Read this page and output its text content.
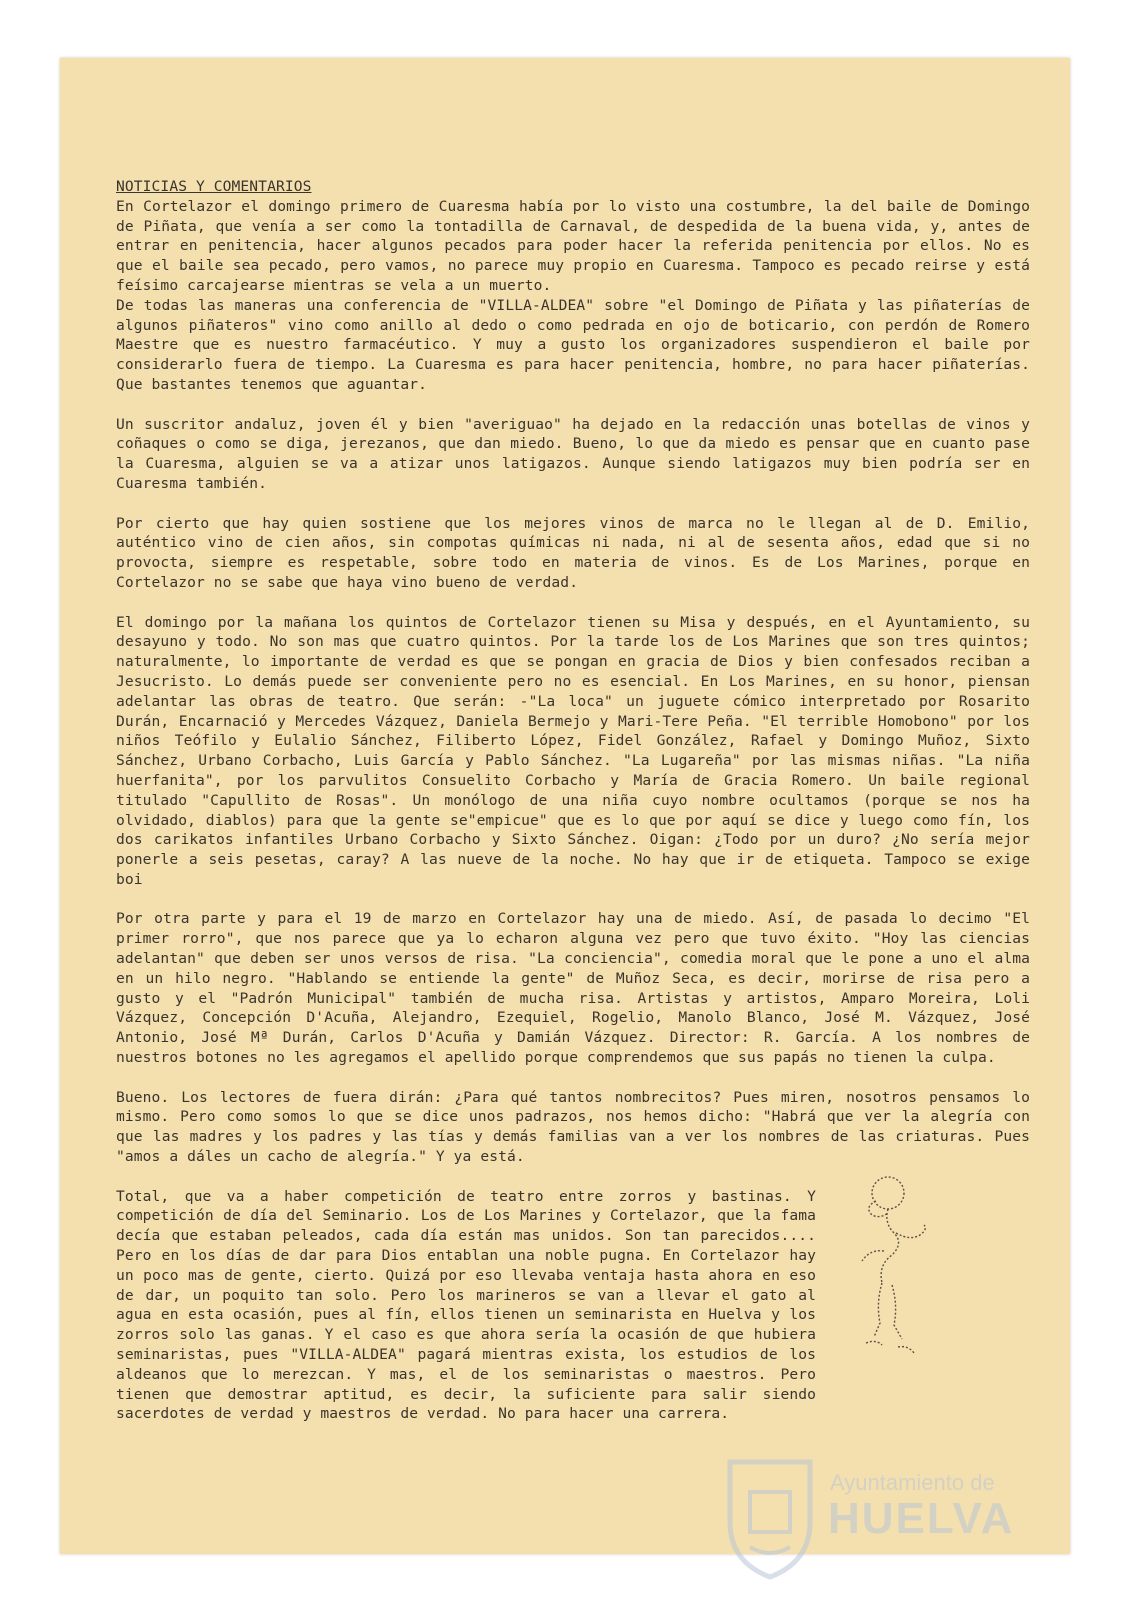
NOTICIAS Y COMENTARIOS

En Cortelazor el domingo primero de Cuaresma había por lo visto una costumbre, la del baile de Domingo de Piñata, que venía a ser como la tontadilla de Carnaval, de despedida de la buena vida, y, antes de entrar en penitencia, hacer algunos pecados para poder hacer la referida penitencia por ellos. No es que el baile sea pecado, pero vamos, no parece muy propio en Cuaresma. Tampoco es pecado reirse y está feísimo carcajearse mientras se vela a un muerto.
De todas las maneras una conferencia de "VILLA-ALDEA" sobre "el Domingo de Piñata y las piñaterías de algunos piñateros" vino como anillo al dedo o como pedrada en ojo de boticario, con perdón de Romero Maestre que es nuestro farmacéutico. Y muy a gusto los organizadores suspendieron el baile por considerarlo fuera de tiempo. La Cuaresma es para hacer penitencia, hombre, no para hacer piñaterías. Que bastantes tenemos que aguantar.

Un suscritor andaluz, joven él y bien "averiguao" ha dejado en la redacción unas botellas de vinos y coñaques o como se diga, jerezanos, que dan miedo. Bueno, lo que da miedo es pensar que en cuanto pase la Cuaresma, alguien se va a atizar unos latigazos. Aunque siendo latigazos muy bien podría ser en Cuaresma también.

Por cierto que hay quien sostiene que los mejores vinos de marca no le llegan al de D. Emilio, auténtico vino de cien años, sin compotas químicas ni nada, ni al de sesenta años, edad que si no provocta, siempre es respetable, sobre todo en materia de vinos. Es de Los Marines, porque en Cortelazor no se sabe que haya vino bueno de verdad.

El domingo por la mañana los quintos de Cortelazor tienen su Misa y después, en el Ayuntamiento, su desayuno y todo. No son mas que cuatro quintos. Por la tarde los de Los Marines que son tres quintos; naturalmente, lo importante de verdad es que se pongan en gracia de Dios y bien confesados reciban a Jesucristo. Lo demás puede ser conveniente pero no es esencial. En Los Marines, en su honor, piensan adelantar las obras de teatro. Que serán: -"La loca" un juguete cómico interpretado por Rosarito Durán, Encarnació y Mercedes Vázquez, Daniela Bermejo y Mari-Tere Peña. "El terrible Homobono" por los niños Teófilo y Eulalio Sánchez, Filiberto López, Fidel González, Rafael y Domingo Muñoz, Sixto Sánchez, Urbano Corbacho, Luis García y Pablo Sánchez. "La Lugareña" por las mismas niñas. "La niña huerfanita", por los parvulitos Consuelito Corbacho y María de Gracia Romero. Un baile regional titulado "Capullito de Rosas". Un monólogo de una niña cuyo nombre ocultamos (porque se nos ha olvidado, diablos) para que la gente se"empicue" que es lo que por aquí se dice y luego como fín, los dos carikatos infantiles Urbano Corbacho y Sixto Sánchez. Oigan: ¿Todo por un duro? ¿No sería mejor ponerle a seis pesetas, caray? A las nueve de la noche. No hay que ir de etiqueta. Tampoco se exige boi

Por otra parte y para el 19 de marzo en Cortelazor hay una de miedo. Así, de pasada lo decimo "El primer rorro", que nos parece que ya lo echaron alguna vez pero que tuvo éxito. "Hoy las ciencias adelantan" que deben ser unos versos de risa. "La conciencia", comedia moral que le pone a uno el alma en un hilo negro. "Hablando se entiende la gente" de Muñoz Seca, es decir, morirse de risa pero a gusto y el "Padrón Municipal" también de mucha risa. Artistas y artistos, Amparo Moreira, Loli Vázquez, Concepción D'Acuña, Alejandro, Ezequiel, Rogelio, Manolo Blanco, José M. Vázquez, José Antonio, José Mª Durán, Carlos D'Acuña y Damián Vázquez. Director: R. García. A los nombres de nuestros botones no les agregamos el apellido porque comprendemos que sus papás no tienen la culpa.

Bueno. Los lectores de fuera dirán: ¿Para qué tantos nombrecitos? Pues miren, nosotros pensamos lo mismo. Pero como somos lo que se dice unos padrazos, nos hemos dicho: "Habrá que ver la alegría con que las madres y los padres y las tías y demás familias van a ver los nombres de las criaturas. Pues "amos a dáles un cacho de alegría." Y ya está.

Total, que va a haber competición de teatro entre zorros y bastinas. Y competición de día del Seminario. Los de Los Marines y Cortelazor, que la fama decía que estaban peleados, cada día están mas unidos. Son tan parecidos.... Pero en los días de dar para Dios entablan una noble pugna. En Cortelazor hay un poco mas de gente, cierto. Quizá por eso llevaba ventaja hasta ahora en eso de dar, un poquito tan solo. Pero los marineros se van a llevar el gato al agua en esta ocasión, pues al fín, ellos tienen un seminarista en Huelva y los zorros solo las ganas. Y el caso es que ahora sería la ocasión de que hubiera seminaristas, pues "VILLA-ALDEA" pagará mientras exista, los estudios de los aldeanos que lo merezcan. Y mas, el de los seminaristas o maestros. Pero tienen que demostrar aptitud, es decir, la suficiente para salir siendo sacerdotes de verdad y maestros de verdad. No para hacer una carrera.

Ayuntamiento de
HUELVA
